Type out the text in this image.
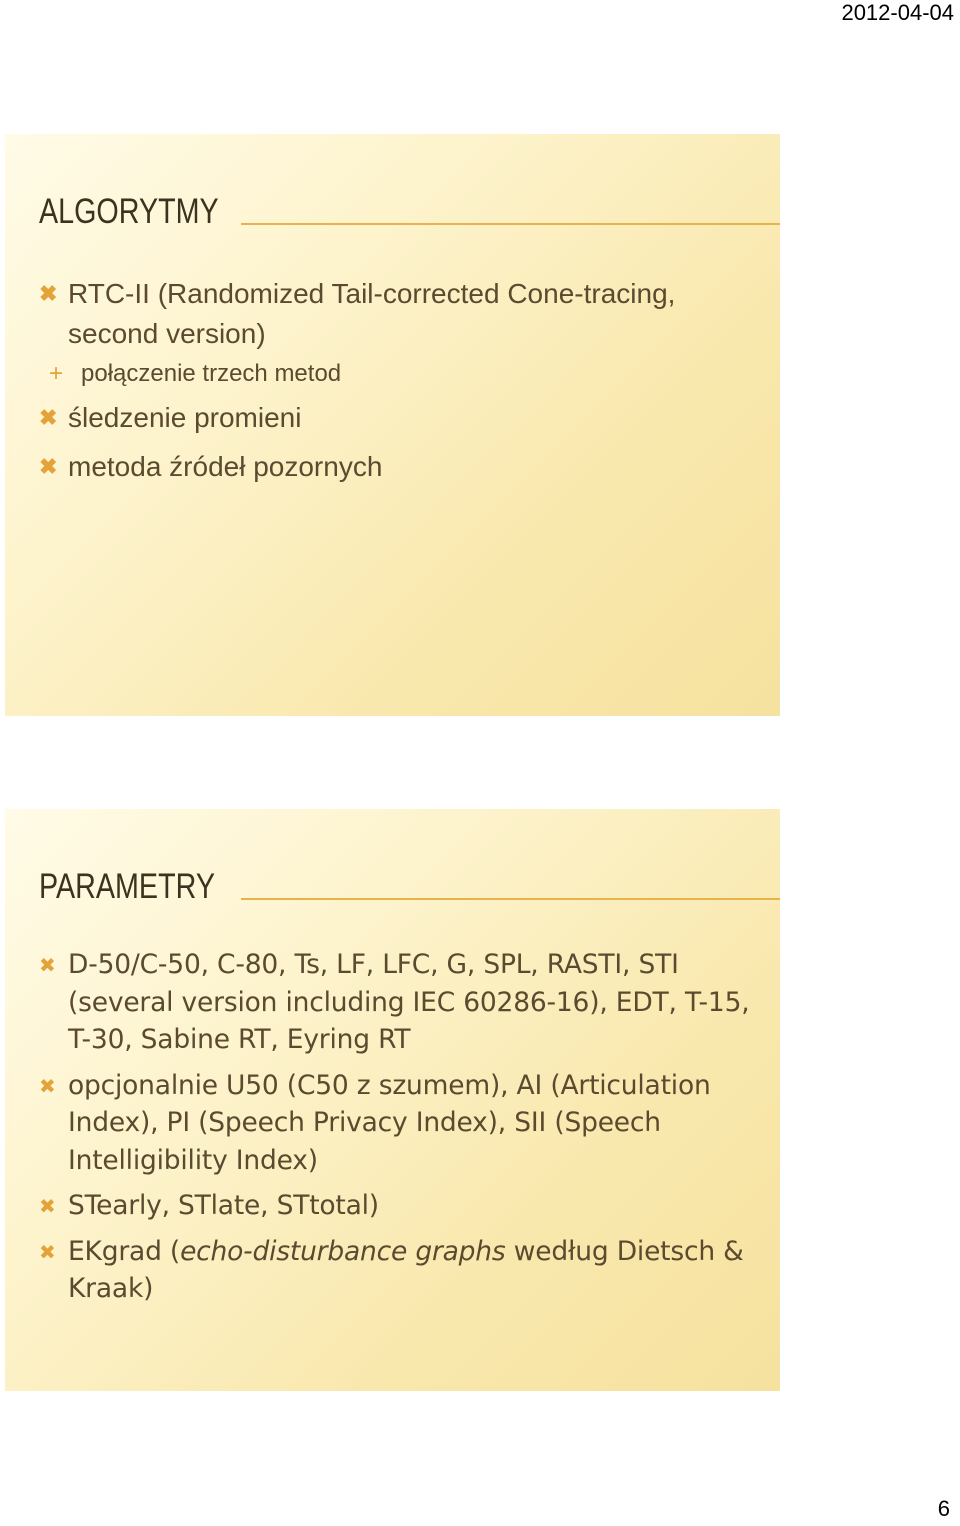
2012-04-04
ALGORYTMY
✖ RTC-II (Randomized Tail-corrected Cone-tracing, second version)
+ połączenie trzech metod
✖ śledzenie promieni
✖ metoda źródeł pozornych
PARAMETRY
✖ D-50/C-50, C-80, Ts, LF, LFC, G, SPL, RASTI, STI (several version including IEC 60286-16), EDT, T-15, T-30, Sabine RT, Eyring RT
✖ opcjonalnie U50 (C50 z szumem), AI (Articulation Index), PI (Speech Privacy Index), SII (Speech Intelligibility Index)
✖ STearly, STlate, STtotal)
✖ EKgrad (echo-disturbance graphs według Dietsch & Kraak)
6
